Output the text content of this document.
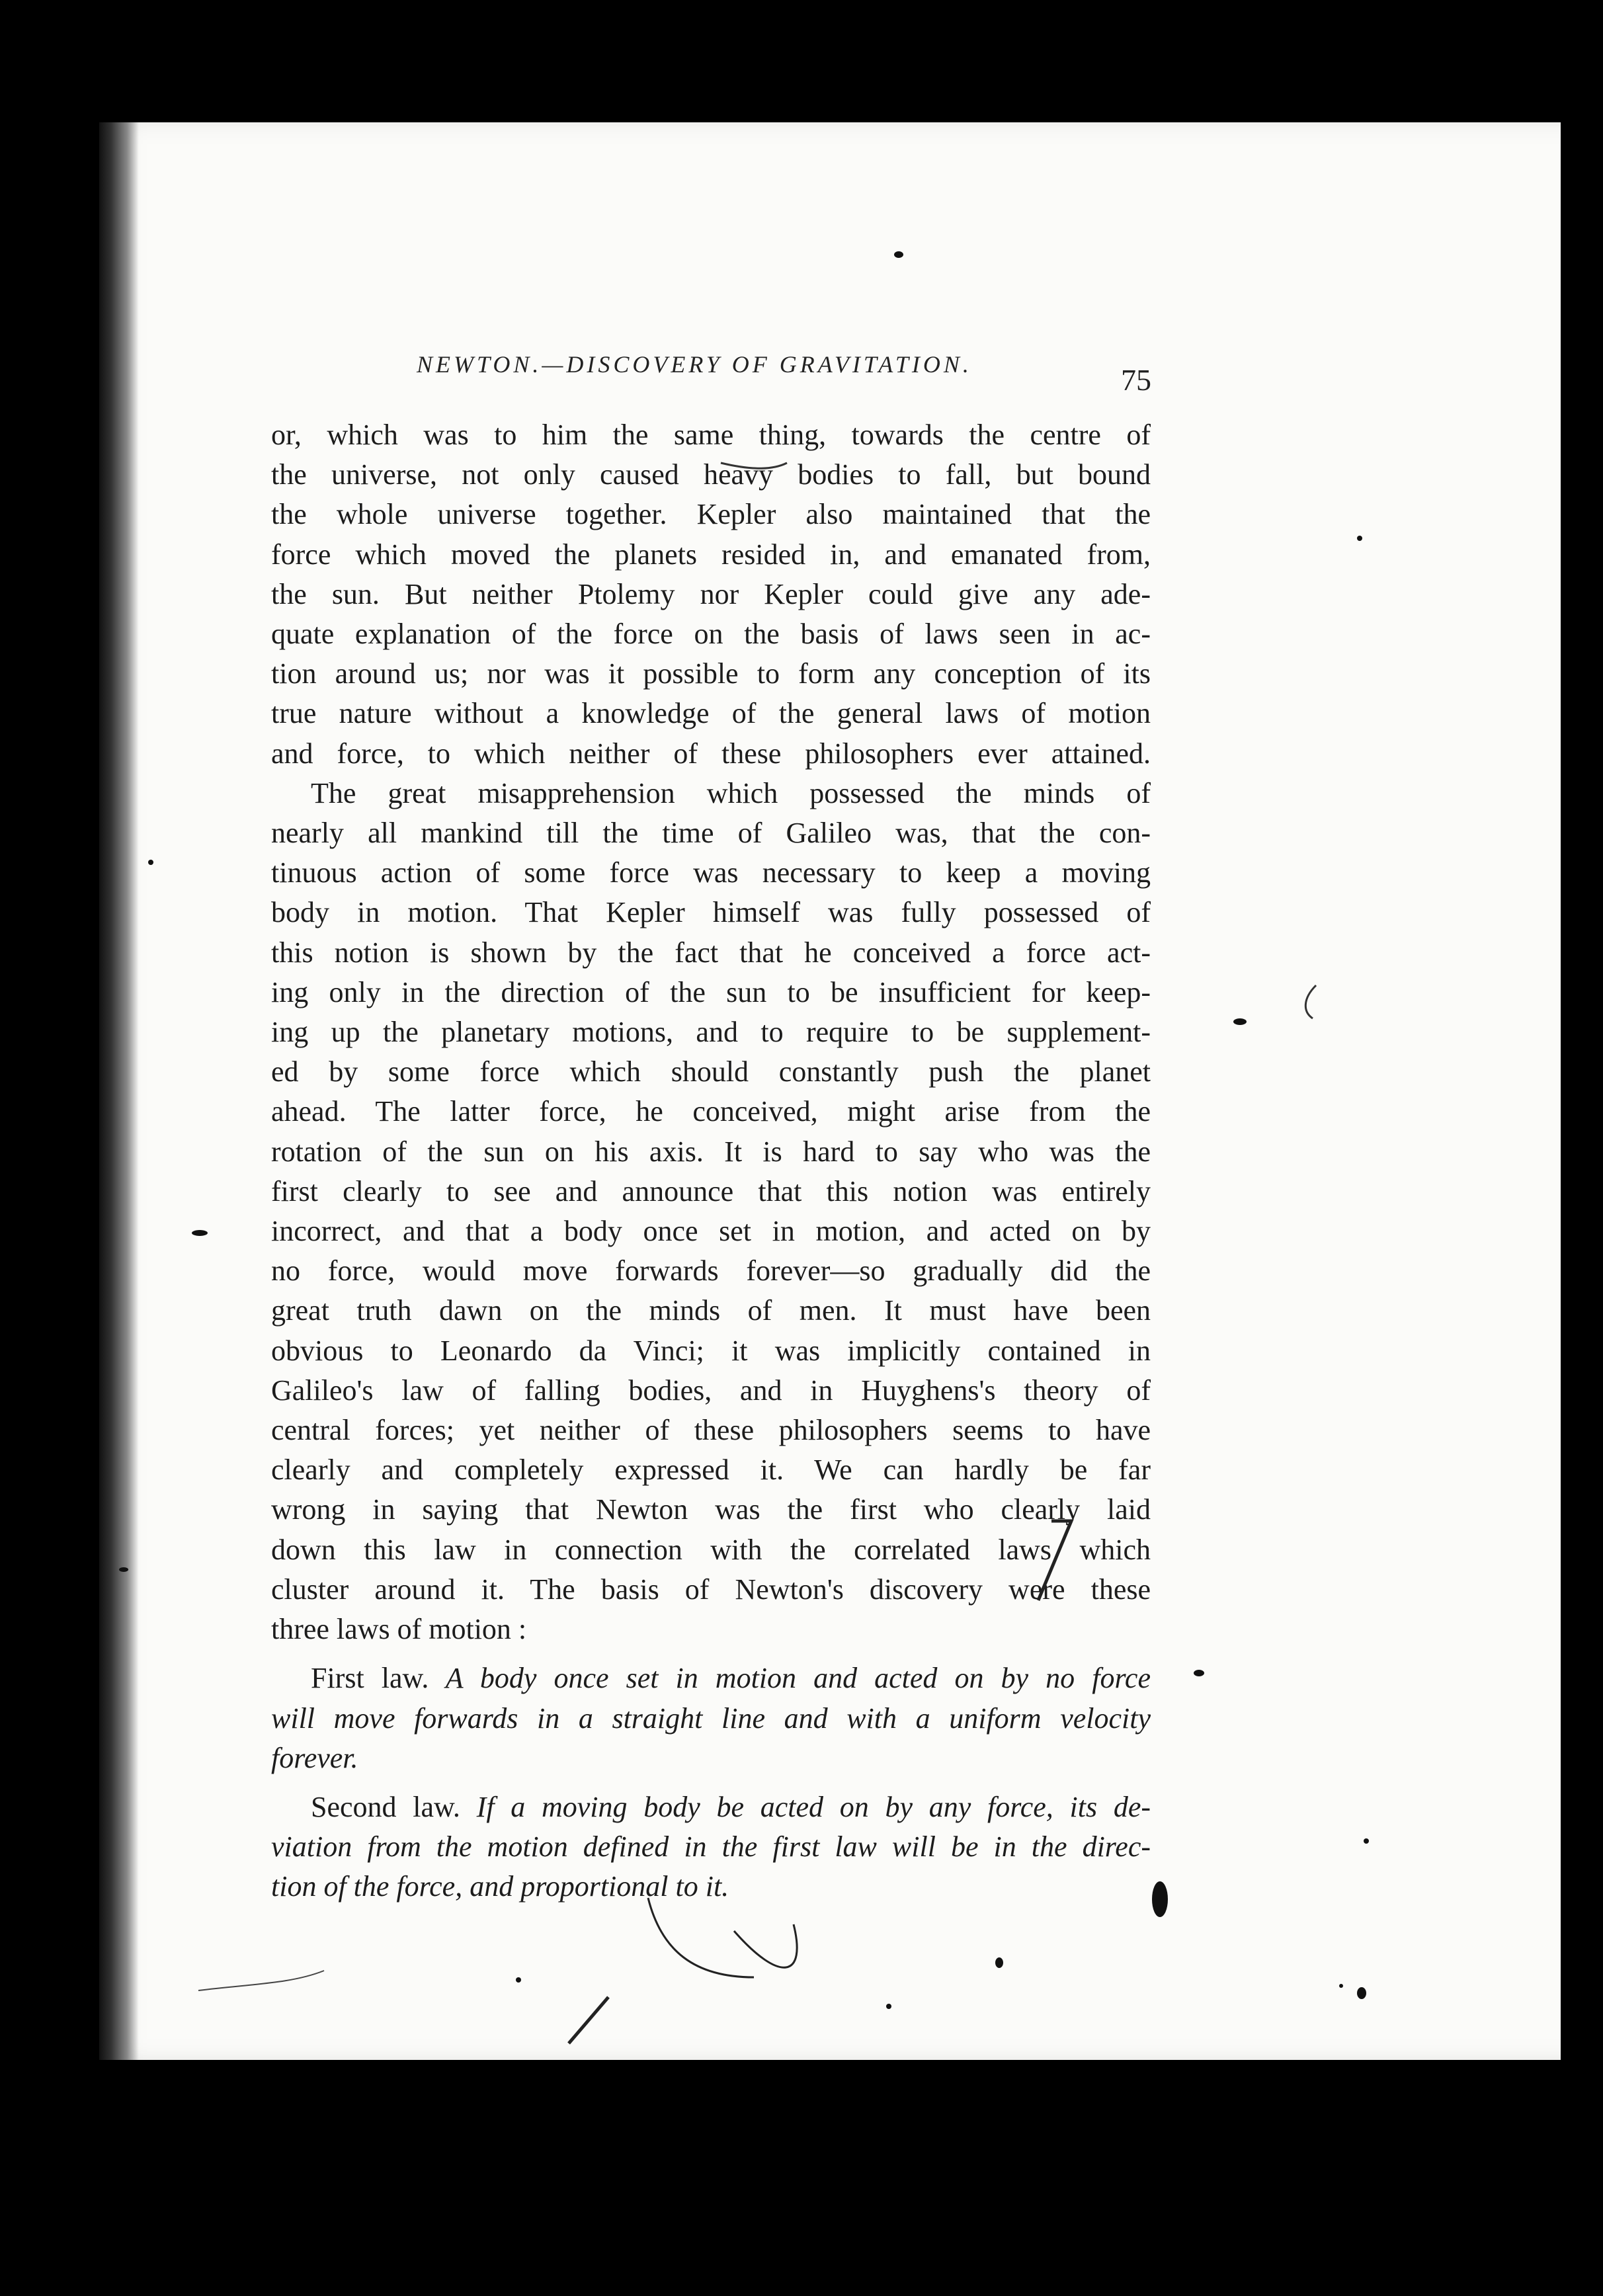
NEWTON.—DISCOVERY OF GRAVITATION.	75
or, which was to him the same thing, towards the centre of
the universe, not only caused heavy bodies to fall, but bound
the whole universe together. Kepler also maintained that the
force which moved the planets resided in, and emanated from,
the sun. But neither Ptolemy nor Kepler could give any ade-
quate explanation of the force on the basis of laws seen in ac-
tion around us; nor was it possible to form any conception of its
true nature without a knowledge of the general laws of motion
and force, to which neither of these philosophers ever attained.
The great misapprehension which possessed the minds of
nearly all mankind till the time of Galileo was, that the con-
tinuous action of some force was necessary to keep a moving
body in motion. That Kepler himself was fully possessed of
this notion is shown by the fact that he conceived a force act-
ing only in the direction of the sun to be insufficient for keep-
ing up the planetary motions, and to require to be supplement-
ed by some force which should constantly push the planet
ahead. The latter force, he conceived, might arise from the
rotation of the sun on his axis. It is hard to say who was the
first clearly to see and announce that this notion was entirely
incorrect, and that a body once set in motion, and acted on by
no force, would move forwards forever—so gradually did the
great truth dawn on the minds of men. It must have been
obvious to Leonardo da Vinci; it was implicitly contained in
Galileo's law of falling bodies, and in Huyghens's theory of
central forces; yet neither of these philosophers seems to have
clearly and completely expressed it. We can hardly be far
wrong in saying that Newton was the first who clearly laid
down this law in connection with the correlated laws which
cluster around it. The basis of Newton's discovery were these
three laws of motion :
First law. A body once set in motion and acted on by no force
will move forwards in a straight line and with a uniform velocity
forever.
Second law. If a moving body be acted on by any force, its de-
viation from the motion defined in the first law will be in the direc-
tion of the force, and proportional to it.
